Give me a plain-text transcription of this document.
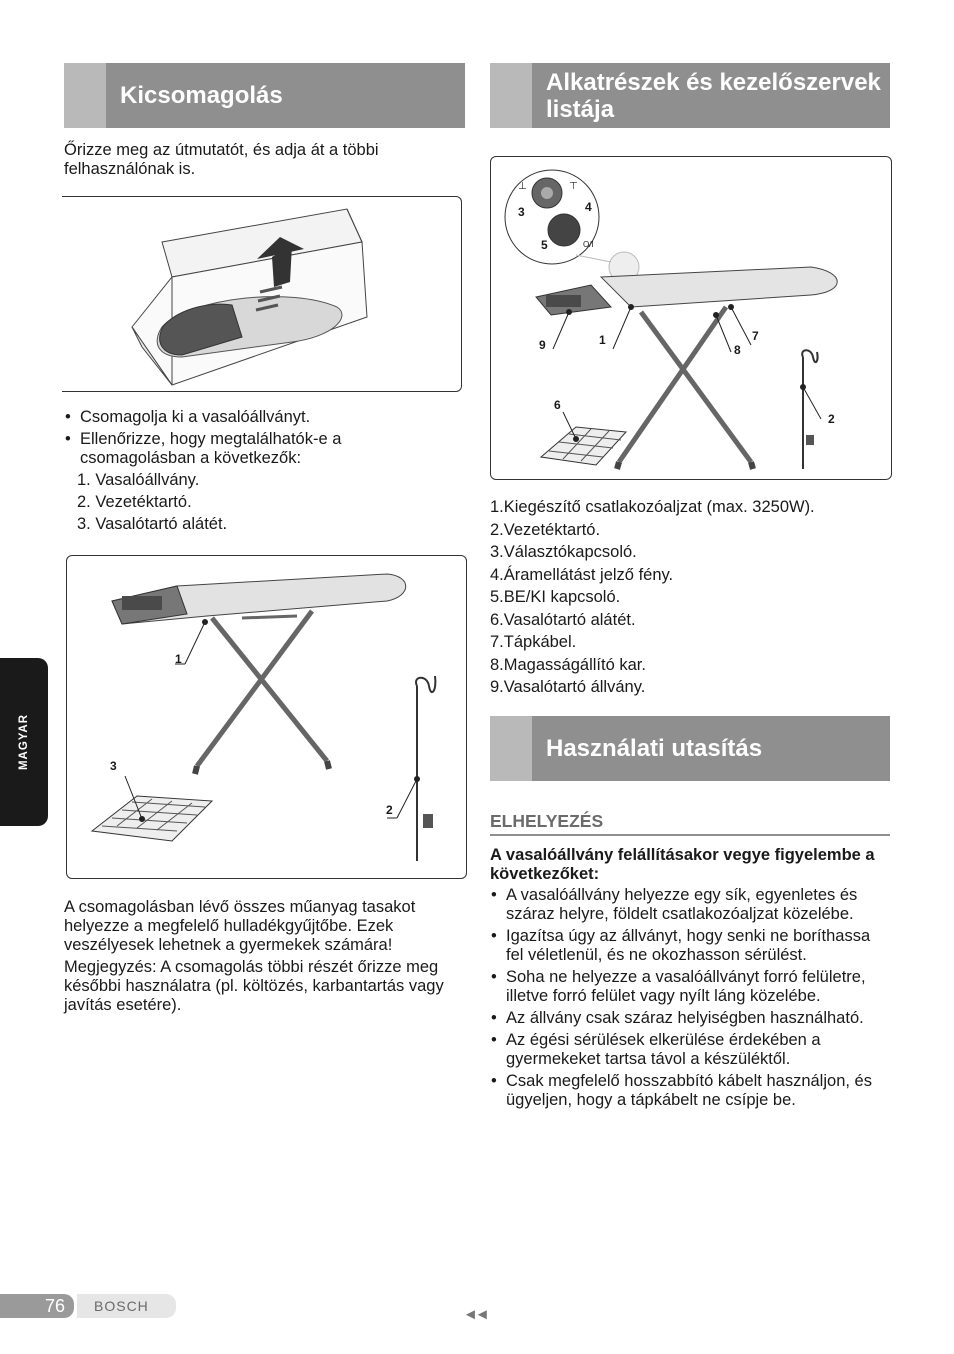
MAGYAR
Kicsomagolás
Őrizze meg az útmutatót, és adja át a többi felhasználónak is.
• Csomagolja ki a vasalóállványt.
• Ellenőrizze, hogy megtalálhatók-e a csomagolásban a következők:
1. Vasalóállvány.
2. Vezetéktartó.
3. Vasalótartó alátét.
1
3
2
A csomagolásban lévő összes műanyag tasakot helyezze a megfelelő hulladékgyűjtőbe. Ezek veszélyesek lehetnek a gyermekek számára!
Megjegyzés: A csomagolás többi részét őrizze meg későbbi használatra (pl. költözés, karbantartás vagy javítás esetére).
Alkatrészek és kezelőszervek listája
⊥	⊤
O/I
3	4
5
9	1
8
7
6
2
1.Kiegészítő csatlakozóaljzat (max. 3250W).
2.Vezetéktartó.
3.Választókapcsoló.
4.Áramellátást jelző fény.
5.BE/KI kapcsoló.
6.Vasalótartó alátét.
7.Tápkábel.
8.Magasságállító kar.
9.Vasalótartó állvány.
Használati utasítás
ELHELYEZÉS
A vasalóállvány felállításakor vegye figyelembe a következőket:
• A vasalóállvány helyezze egy sík, egyenletes és száraz helyre, földelt csatlakozóaljzat közelébe.
• Igazítsa úgy az állványt, hogy senki ne boríthassa fel véletlenül, és ne okozhasson sérülést.
• Soha ne helyezze a vasalóállványt forró felületre, illetve forró felület vagy nyílt láng közelébe.
• Az állvány csak száraz helyiségben használható.
• Az égési sérülések elkerülése érdekében a gyermekeket tartsa távol a készüléktől.
• Csak megfelelő hosszabbító kábelt használjon, és ügyeljen, hogy a tápkábelt ne csípje be.
76 BOSCH	◄◄
